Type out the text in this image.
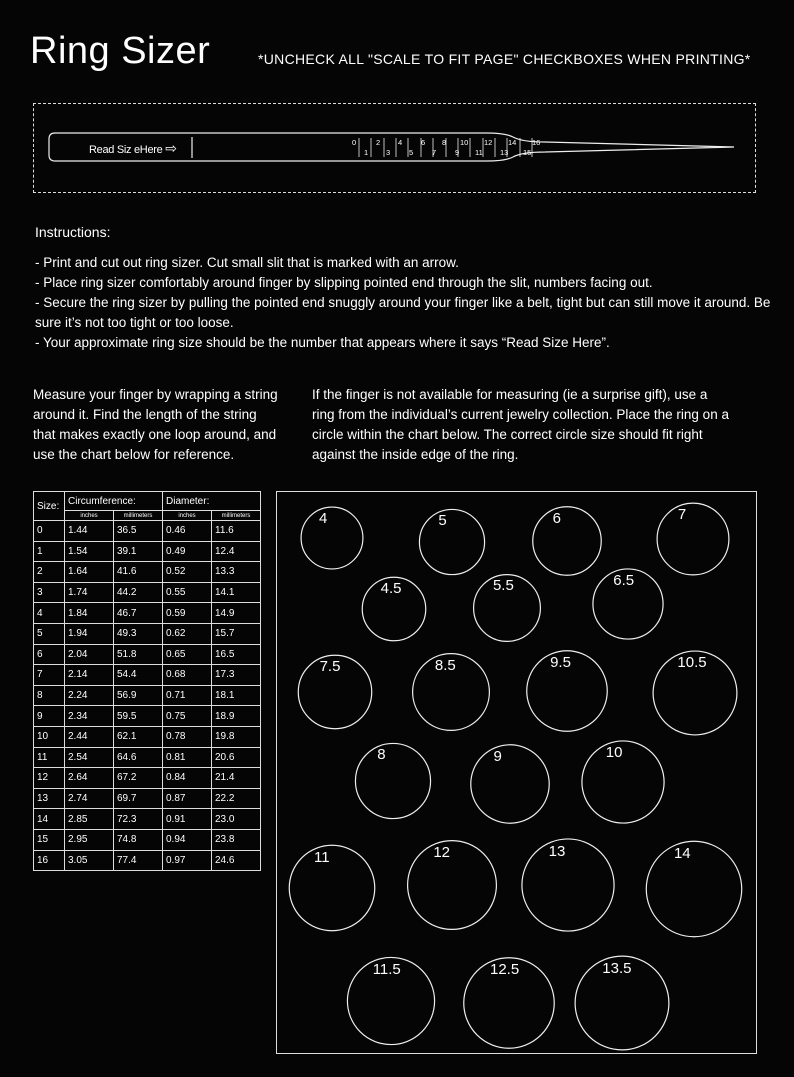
Ring Sizer	*UNCHECK ALL "SCALE TO FIT PAGE" CHECKBOXES WHEN PRINTING*
Read Siz eHere ⇨	0	2 4	6 8 10 12 14 16
1 3	5	7	9 11 13 15
Instructions:
- Print and cut out ring sizer. Cut small slit that is marked with an arrow.
- Place ring sizer comfortably around finger by slipping pointed end through the slit, numbers facing out.
- Secure the ring sizer by pulling the pointed end snuggly around your finger like a belt, tight but can still move it around. Be sure it’s not too tight or too loose.
- Your approximate ring size should be the number that appears where it says “Read Size Here”.
Measure your finger by wrapping a string around it. Find the length of the string that makes exactly one loop around, and use the chart below for reference.
If the finger is not available for measuring (ie a surprise gift), use a ring from the individual’s current jewelry collection. Place the ring on a circle within the chart below. The correct circle size should fit right against the inside edge of the ring.
Size:	Circumference:		Diameter:	
	inches	millimeters	inches	millimeters
0	1.44	36.5	0.46	11.6
1	1.54	39.1	0.49	12.4
2	1.64	41.6	0.52	13.3
3	1.74	44.2	0.55	14.1
4	1.84	46.7	0.59	14.9
5	1.94	49.3	0.62	15.7
6	2.04	51.8	0.65	16.5
7	2.14	54.4	0.68	17.3
8	2.24	56.9	0.71	18.1
9	2.34	59.5	0.75	18.9
10	2.44	62.1	0.78	19.8
11	2.54	64.6	0.81	20.6
12	2.64	67.2	0.84	21.4
13	2.74	69.7	0.87	22.2
14	2.85	72.3	0.91	23.0
15	2.95	74.8	0.94	23.8
16	3.05	77.4	0.97	24.6
4	5	6	7
4.5	5.5	6.5
7.5	8.5	9.5	10.5
8	9	10
11	12	13	14
11.5	12.5	13.5
